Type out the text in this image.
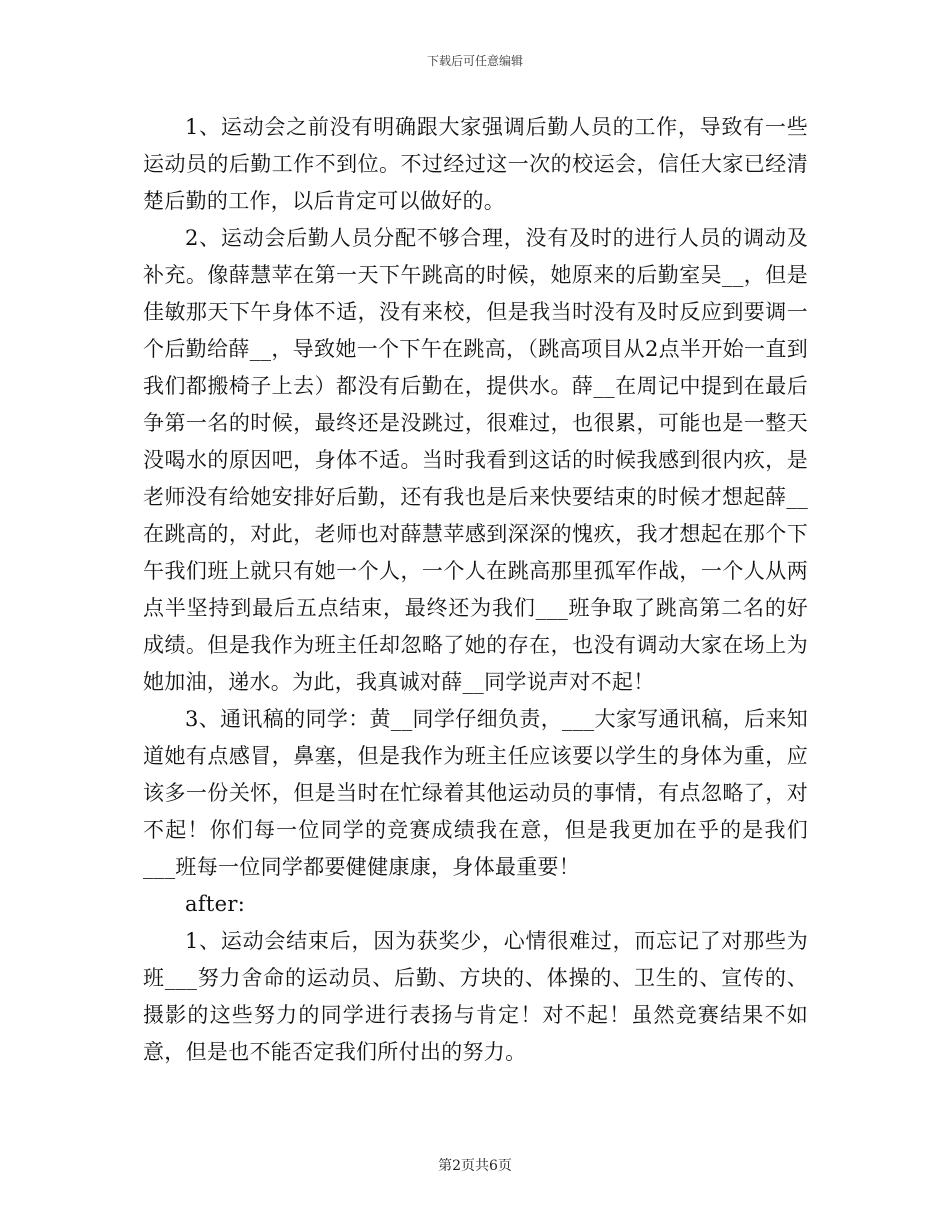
下载后可任意编辑

1、运动会之前没有明确跟大家强调后勤人员的工作，导致有一些运动员的后勤工作不到位。不过经过这一次的校运会，信任大家已经清楚后勤的工作，以后肯定可以做好的。

2、运动会后勤人员分配不够合理，没有及时的进行人员的调动及补充。像薛慧苹在第一天下午跳高的时候，她原来的后勤室吴__，但是佳敏那天下午身体不适，没有来校，但是我当时没有及时反应到要调一个后勤给薛__，导致她一个下午在跳高，（跳高项目从2点半开始一直到我们都搬椅子上去）都没有后勤在，提供水。薛__在周记中提到在最后争第一名的时候，最终还是没跳过，很难过，也很累，可能也是一整天没喝水的原因吧，身体不适。当时我看到这话的时候我感到很内疚，是老师没有给她安排好后勤，还有我也是后来快要结束的时候才想起薛__在跳高的，对此，老师也对薛慧苹感到深深的愧疚，我才想起在那个下午我们班上就只有她一个人，一个人在跳高那里孤军作战，一个人从两点半坚持到最后五点结束，最终还为我们___班争取了跳高第二名的好成绩。但是我作为班主任却忽略了她的存在，也没有调动大家在场上为她加油，递水。为此，我真诚对薛__同学说声对不起！

3、通讯稿的同学：黄__同学仔细负责，___大家写通讯稿，后来知道她有点感冒，鼻塞，但是我作为班主任应该要以学生的身体为重，应该多一份关怀，但是当时在忙绿着其他运动员的事情，有点忽略了，对不起！你们每一位同学的竞赛成绩我在意，但是我更加在乎的是我们___班每一位同学都要健健康康，身体最重要！

after:

1、运动会结束后，因为获奖少，心情很难过，而忘记了对那些为班___努力舍命的运动员、后勤、方块的、体操的、卫生的、宣传的、摄影的这些努力的同学进行表扬与肯定！对不起！虽然竞赛结果不如意，但是也不能否定我们所付出的努力。

第2页共6页
